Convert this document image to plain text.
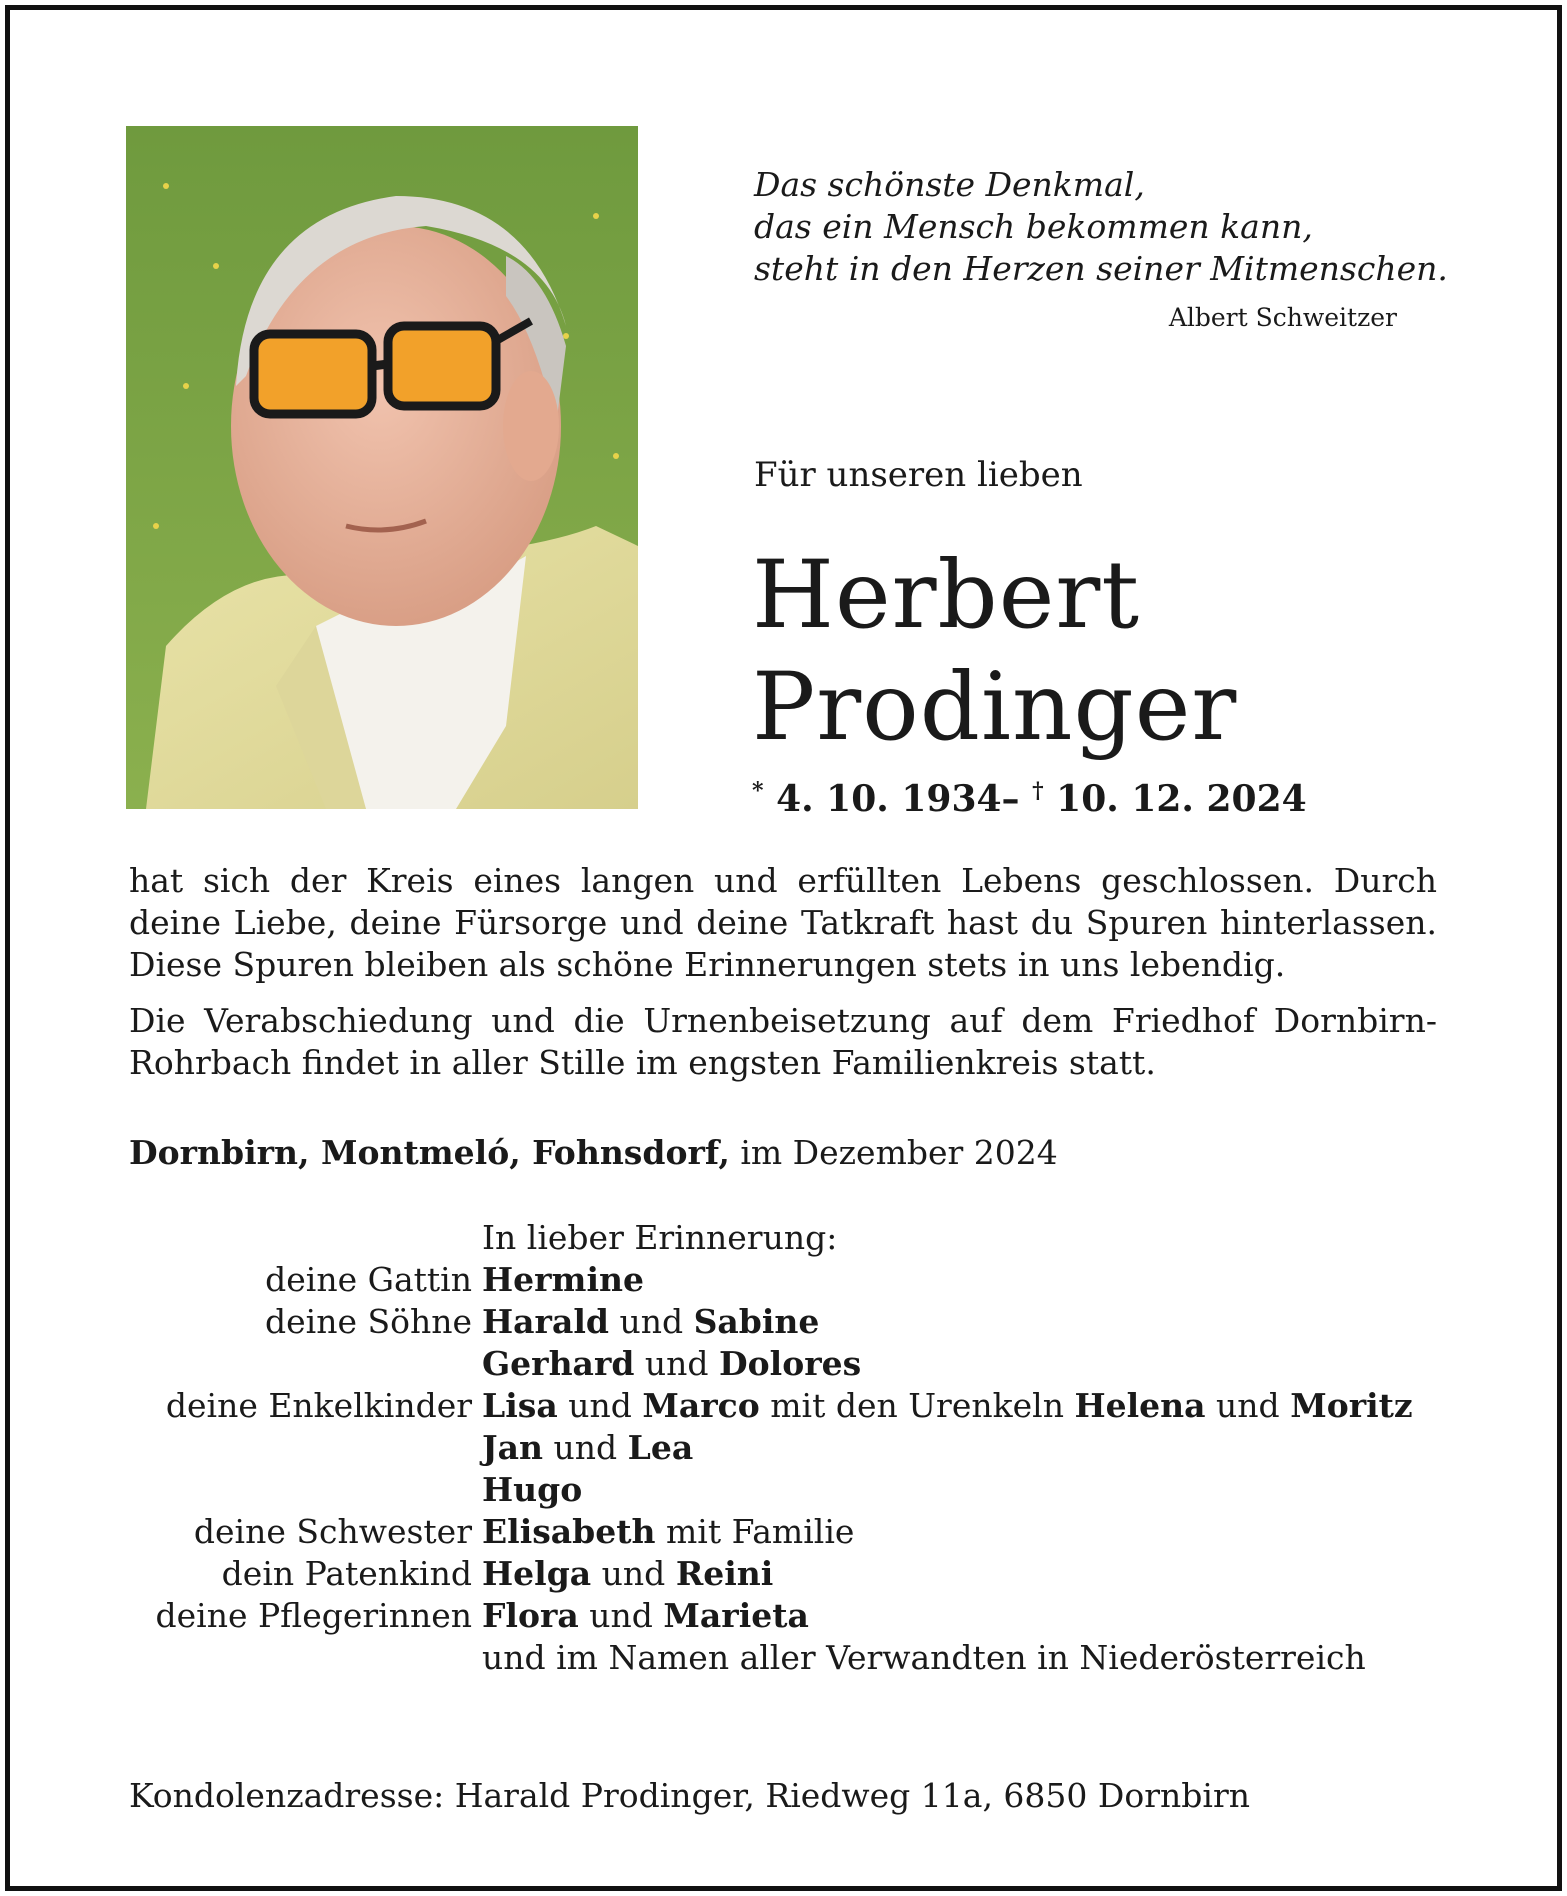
Das schönste Denkmal,
das ein Mensch bekommen kann,
steht in den Herzen seiner Mitmenschen.
Albert Schweitzer
Für unseren lieben
Herbert
Prodinger
* 4. 10. 1934– † 10. 12. 2024

hat sich der Kreis eines langen und erfüllten Lebens geschlossen. Durch deine Liebe, deine Fürsorge und deine Tatkraft hast du Spuren hinterlassen. Diese Spuren bleiben als schöne Erinnerungen stets in uns lebendig.

Die Verabschiedung und die Urnenbeisetzung auf dem Friedhof Dornbirn-Rohrbach findet in aller Stille im engsten Familienkreis statt.

Dornbirn, Montmeló, Fohnsdorf, im Dezember 2024
In lieber Erinnerung:
deine Gattin Hermine
deine Söhne Harald und Sabine
Gerhard und Dolores
deine Enkelkinder Lisa und Marco mit den Urenkeln Helena und Moritz
Jan und Lea
Hugo
deine Schwester Elisabeth mit Familie
dein Patenkind Helga und Reini
deine Pflegerinnen Flora und Marieta
und im Namen aller Verwandten in Niederösterreich
Kondolenzadresse: Harald Prodinger, Riedweg 11a, 6850 Dornbirn
